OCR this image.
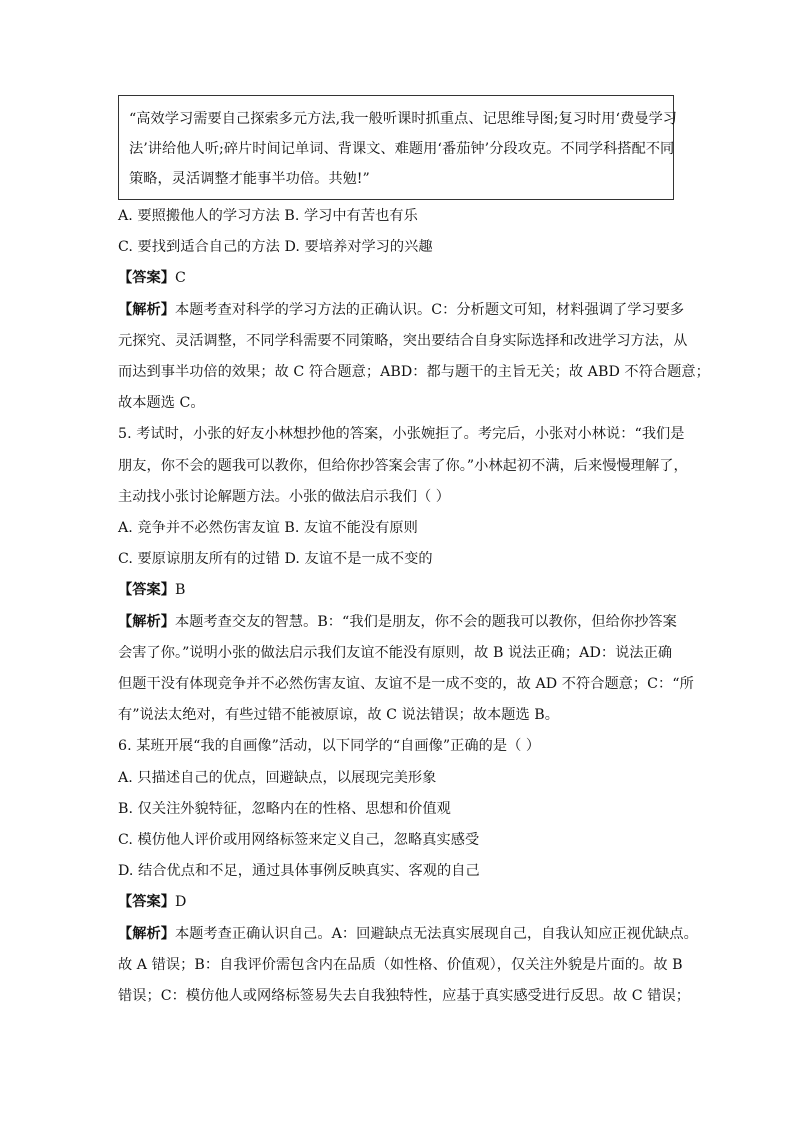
“高效学习需要自己探索多元方法,我一般听课时抓重点、记思维导图;复习时用‘费曼学习
法’讲给他人听;碎片时间记单词、背课文、难题用‘番茄钟’分段攻克。不同学科搭配不同
策略，灵活调整才能事半功倍。共勉!”
A. 要照搬他人的学习方法 B. 学习中有苦也有乐
C. 要找到适合自己的方法 D. 要培养对学习的兴趣
【答案】C
【解析】本题考查对科学的学习方法的正确认识。C：分析题文可知，材料强调了学习要多
元探究、灵活调整，不同学科需要不同策略，突出要结合自身实际选择和改进学习方法，从
而达到事半功倍的效果；故 C 符合题意；ABD：都与题干的主旨无关；故 ABD 不符合题意；
故本题选 C。
5. 考试时，小张的好友小林想抄他的答案，小张婉拒了。考完后，小张对小林说：“我们是
朋友，你不会的题我可以教你，但给你抄答案会害了你。”小林起初不满，后来慢慢理解了，
主动找小张讨论解题方法。小张的做法启示我们（ ）
A. 竞争并不必然伤害友谊 B. 友谊不能没有原则
C. 要原谅朋友所有的过错 D. 友谊不是一成不变的
【答案】B
【解析】本题考查交友的智慧。B：“我们是朋友，你不会的题我可以教你，但给你抄答案
会害了你。”说明小张的做法启示我们友谊不能没有原则，故 B 说法正确；AD：说法正确
但题干没有体现竞争并不必然伤害友谊、友谊不是一成不变的，故 AD 不符合题意；C：“所
有”说法太绝对，有些过错不能被原谅，故 C 说法错误；故本题选 B。
6. 某班开展“我的自画像”活动，以下同学的“自画像”正确的是（ ）
A. 只描述自己的优点，回避缺点，以展现完美形象
B. 仅关注外貌特征，忽略内在的性格、思想和价值观
C. 模仿他人评价或用网络标签来定义自己，忽略真实感受
D. 结合优点和不足，通过具体事例反映真实、客观的自己
【答案】D
【解析】本题考查正确认识自己。A：回避缺点无法真实展现自己，自我认知应正视优缺点。
故 A 错误；B：自我评价需包含内在品质（如性格、价值观），仅关注外貌是片面的。故 B
错误；C：模仿他人或网络标签易失去自我独特性，应基于真实感受进行反思。故 C 错误；
